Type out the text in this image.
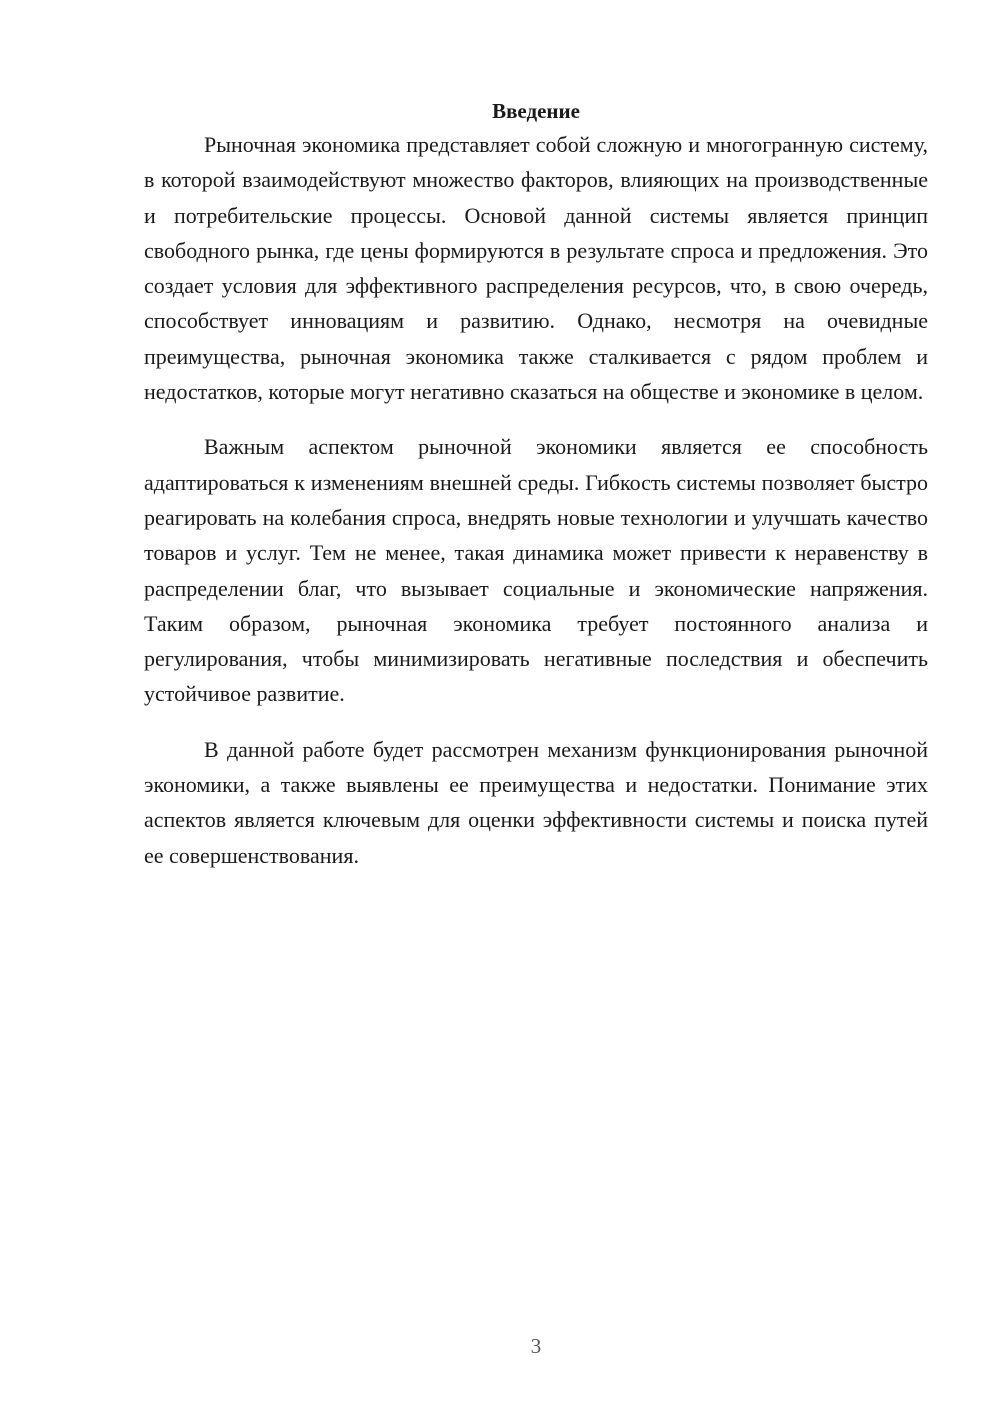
Введение

Рыночная экономика представляет собой сложную и многогранную систему, в которой взаимодействуют множество факторов, влияющих на производственные и потребительские процессы. Основой данной системы является принцип свободного рынка, где цены формируются в результате спроса и предложения. Это создает условия для эффективного распределения ресурсов, что, в свою очередь, способствует инновациям и развитию. Однако, несмотря на очевидные преимущества, рыночная экономика также сталкивается с рядом проблем и недостатков, которые могут негативно сказаться на обществе и экономике в целом.

Важным аспектом рыночной экономики является ее способность адаптироваться к изменениям внешней среды. Гибкость системы позволяет быстро реагировать на колебания спроса, внедрять новые технологии и улучшать качество товаров и услуг. Тем не менее, такая динамика может привести к неравенству в распределении благ, что вызывает социальные и экономические напряжения. Таким образом, рыночная экономика требует постоянного анализа и регулирования, чтобы минимизировать негативные последствия и обеспечить устойчивое развитие.

В данной работе будет рассмотрен механизм функционирования рыночной экономики, а также выявлены ее преимущества и недостатки. Понимание этих аспектов является ключевым для оценки эффективности системы и поиска путей ее совершенствования.

3
